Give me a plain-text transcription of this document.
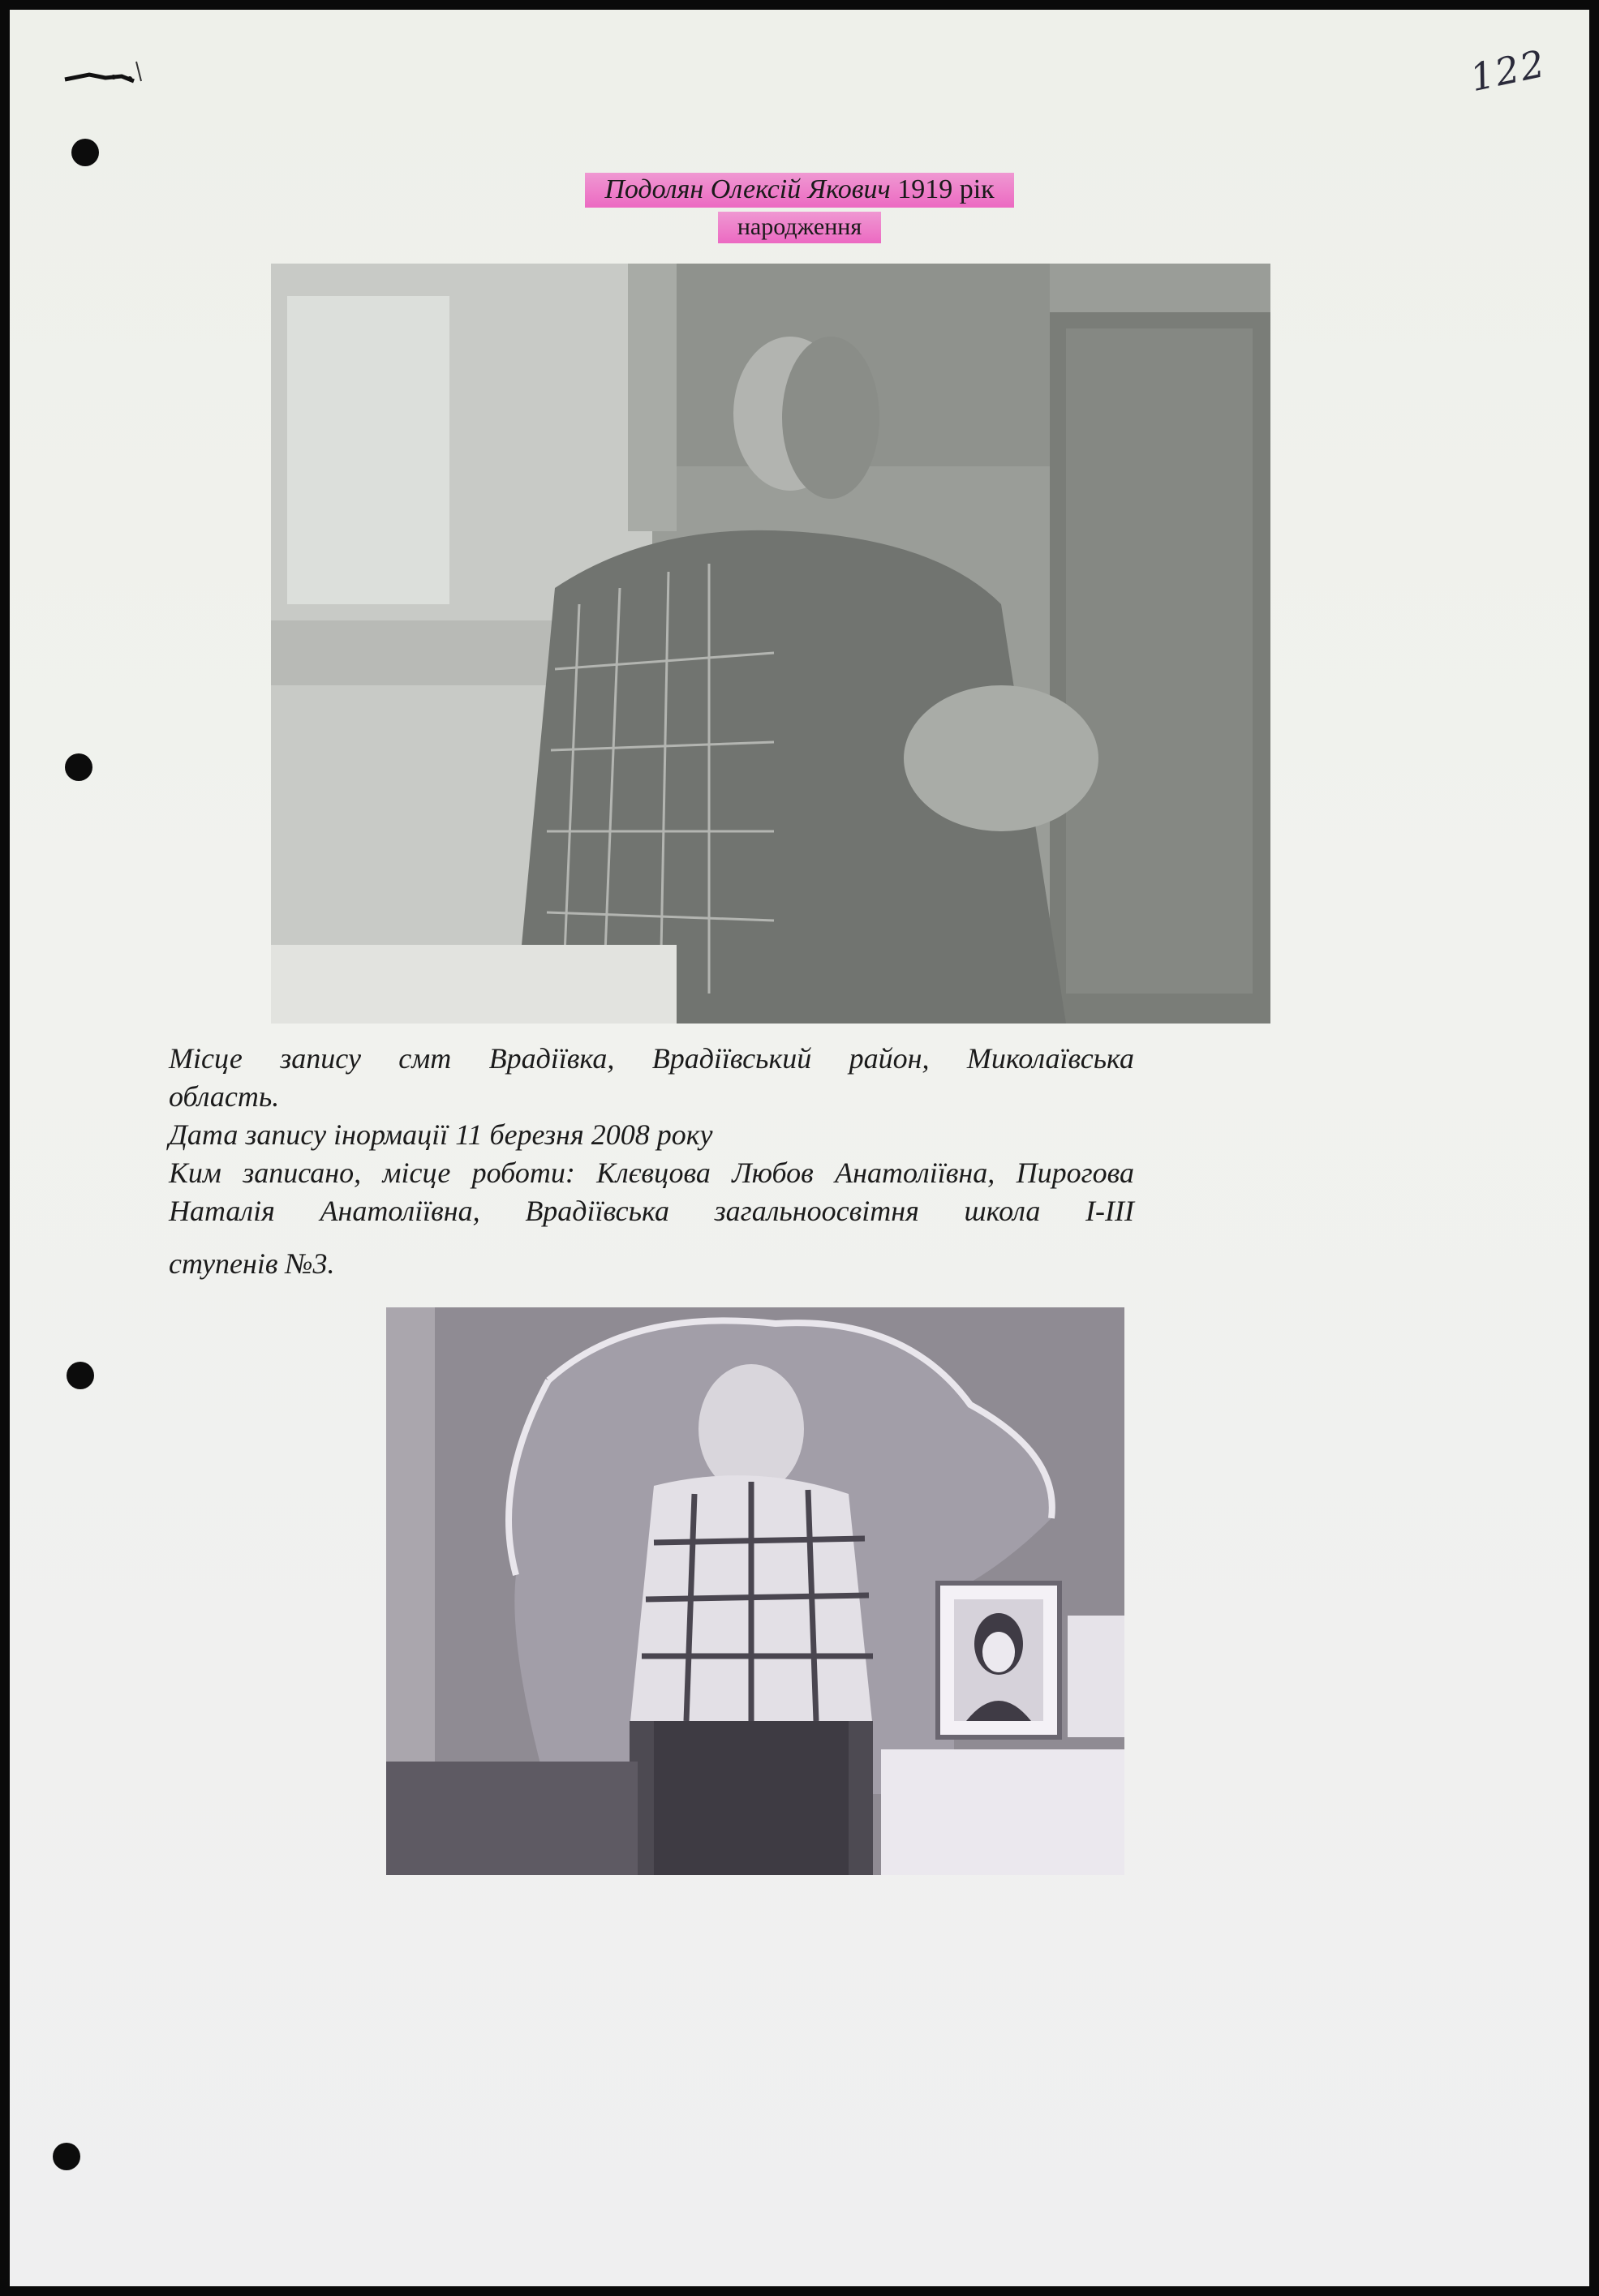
122
Подолян Олексій Якович 1919 рік
народження

Місце запису смт Врадіївка, Врадіївський район, Миколаївська

область.

Дата запису інормації 11 березня 2008 року

Ким записано, місце роботи: Клєвцова Любов Анатоліївна, Пирогова

Наталія Анатоліївна, Врадіївська загальноосвітня школа І-ІІІ

ступенів №3.
